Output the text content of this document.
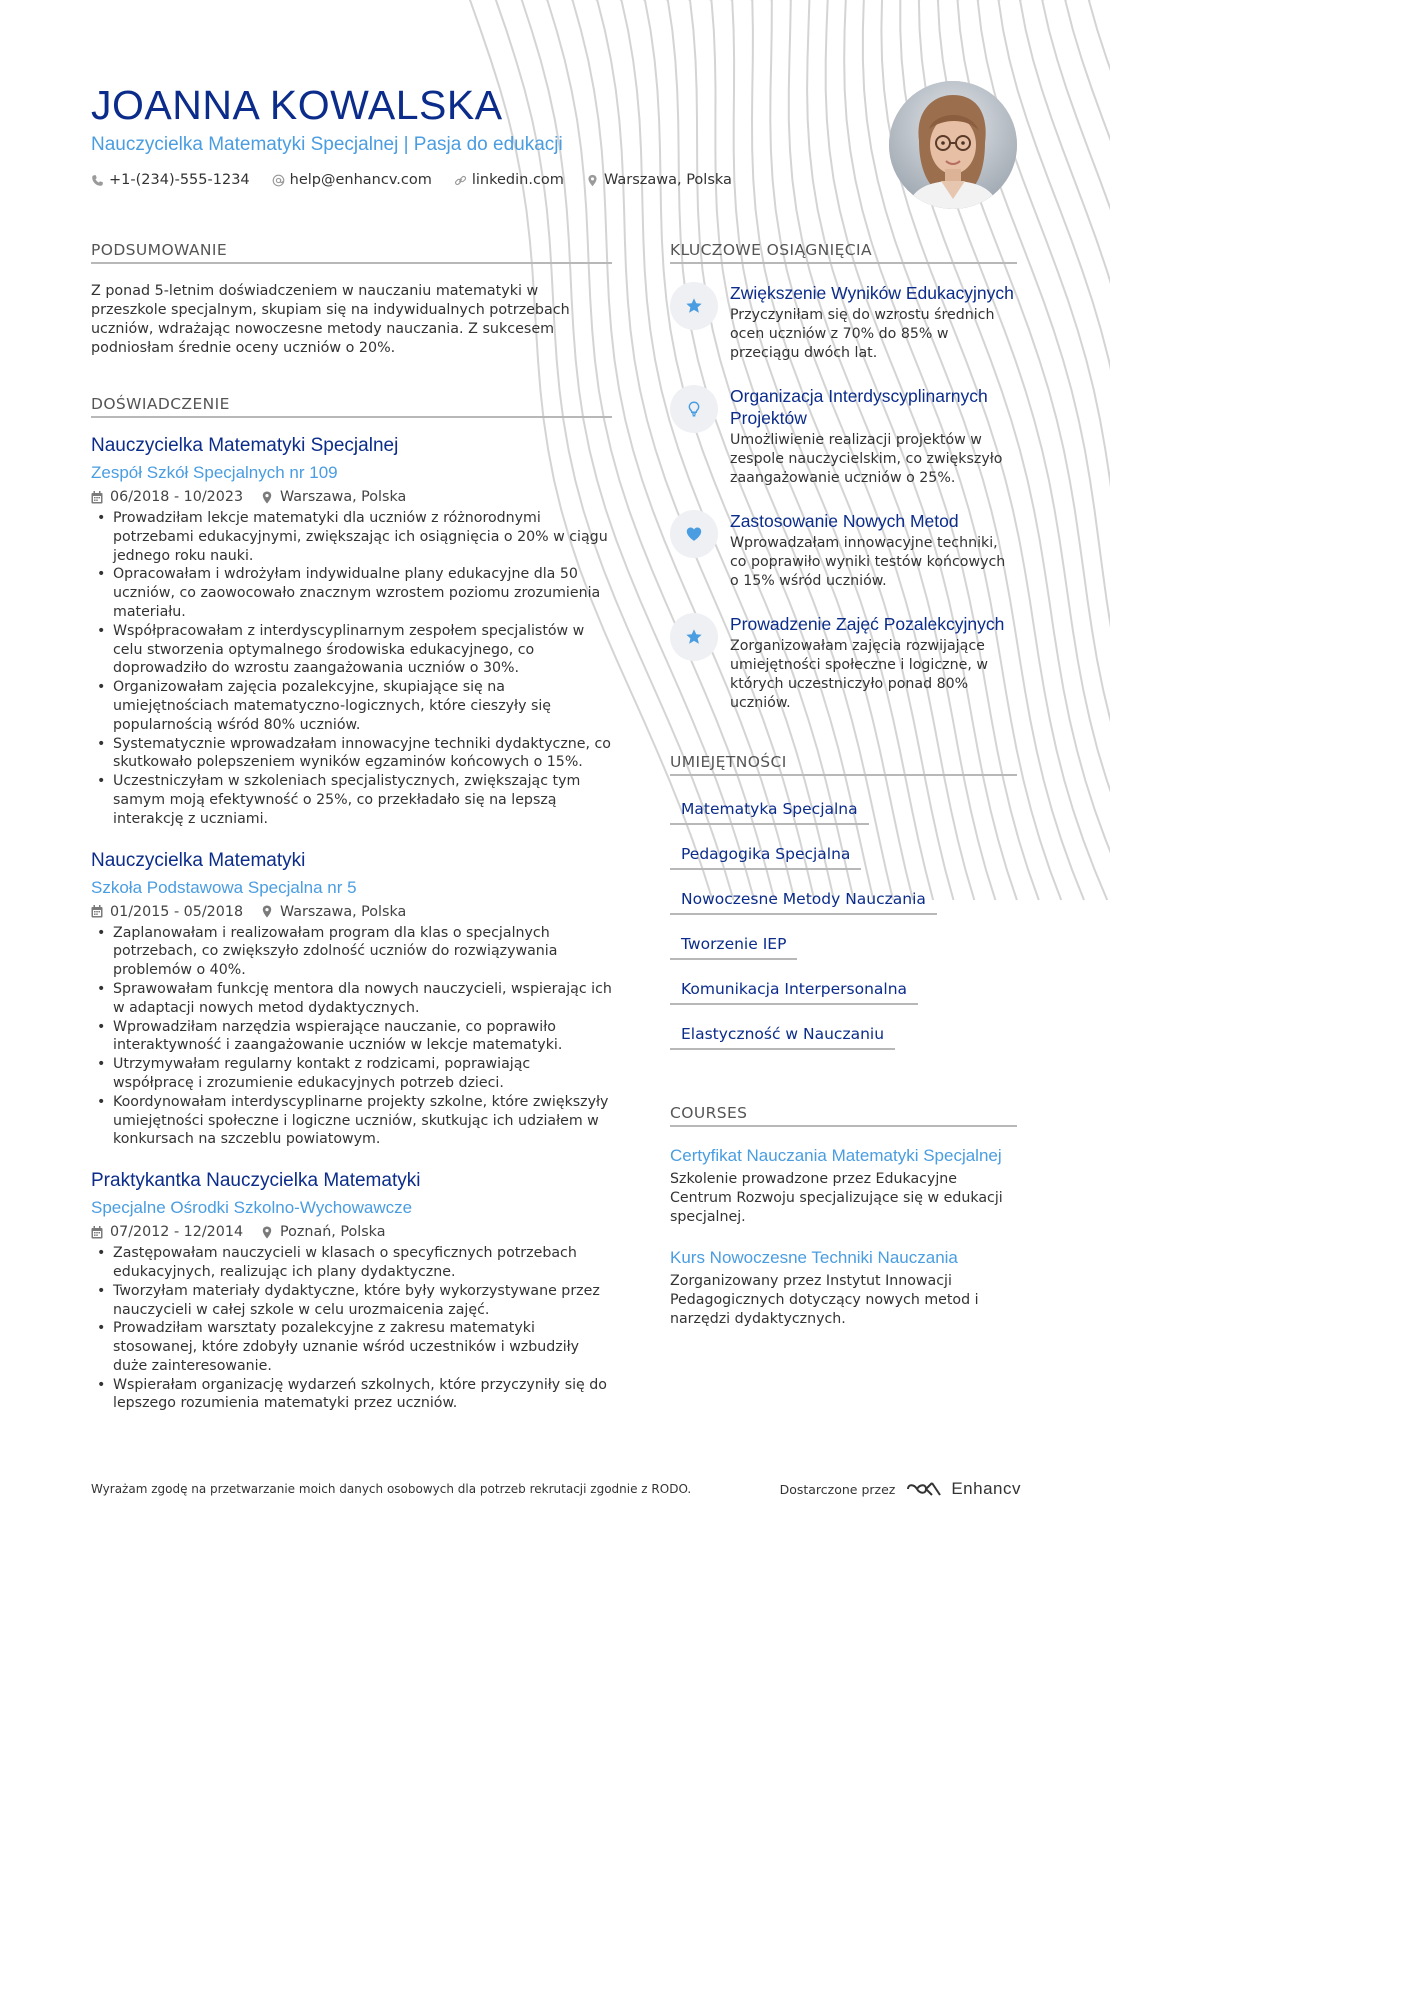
JOANNA KOWALSKA
Nauczycielka Matematyki Specjalnej | Pasja do edukacji
+1-(234)-555-1234	help@enhancv.com	linkedin.com	Warszawa, Polska
PODSUMOWANIE
Z ponad 5-letnim doświadczeniem w nauczaniu matematyki w przeszkole specjalnym, skupiam się na indywidualnych potrzebach uczniów, wdrażając nowoczesne metody nauczania. Z sukcesem podniosłam średnie oceny uczniów o 20%.
DOŚWIADCZENIE
Nauczycielka Matematyki Specjalnej
Zespół Szkół Specjalnych nr 109
06/2018 - 10/2023	Warszawa, Polska
• Prowadziłam lekcje matematyki dla uczniów z różnorodnymi potrzebami edukacyjnymi, zwiększając ich osiągnięcia o 20% w ciągu jednego roku nauki.
• Opracowałam i wdrożyłam indywidualne plany edukacyjne dla 50 uczniów, co zaowocowało znacznym wzrostem poziomu zrozumienia materiału.
• Współpracowałam z interdyscyplinarnym zespołem specjalistów w celu stworzenia optymalnego środowiska edukacyjnego, co doprowadziło do wzrostu zaangażowania uczniów o 30%.
• Organizowałam zajęcia pozalekcyjne, skupiające się na umiejętnościach matematyczno-logicznych, które cieszyły się popularnością wśród 80% uczniów.
• Systematycznie wprowadzałam innowacyjne techniki dydaktyczne, co skutkowało polepszeniem wyników egzaminów końcowych o 15%.
• Uczestniczyłam w szkoleniach specjalistycznych, zwiększając tym samym moją efektywność o 25%, co przekładało się na lepszą interakcję z uczniami.
Nauczycielka Matematyki
Szkoła Podstawowa Specjalna nr 5
01/2015 - 05/2018	Warszawa, Polska
• Zaplanowałam i realizowałam program dla klas o specjalnych potrzebach, co zwiększyło zdolność uczniów do rozwiązywania problemów o 40%.
• Sprawowałam funkcję mentora dla nowych nauczycieli, wspierając ich w adaptacji nowych metod dydaktycznych.
• Wprowadziłam narzędzia wspierające nauczanie, co poprawiło interaktywność i zaangażowanie uczniów w lekcje matematyki.
• Utrzymywałam regularny kontakt z rodzicami, poprawiając współpracę i zrozumienie edukacyjnych potrzeb dzieci.
• Koordynowałam interdyscyplinarne projekty szkolne, które zwiększyły umiejętności społeczne i logiczne uczniów, skutkując ich udziałem w konkursach na szczeblu powiatowym.
Praktykantka Nauczycielka Matematyki
Specjalne Ośrodki Szkolno-Wychowawcze
07/2012 - 12/2014	Poznań, Polska
• Zastępowałam nauczycieli w klasach o specyficznych potrzebach edukacyjnych, realizując ich plany dydaktyczne.
• Tworzyłam materiały dydaktyczne, które były wykorzystywane przez nauczycieli w całej szkole w celu urozmaicenia zajęć.
• Prowadziłam warsztaty pozalekcyjne z zakresu matematyki stosowanej, które zdobyły uznanie wśród uczestników i wzbudziły duże zainteresowanie.
• Wspierałam organizację wydarzeń szkolnych, które przyczyniły się do lepszego rozumienia matematyki przez uczniów.
KLUCZOWE OSIĄGNIĘCIA
Zwiększenie Wyników Edukacyjnych
Przyczyniłam się do wzrostu średnich ocen uczniów z 70% do 85% w przeciągu dwóch lat.
Organizacja Interdyscyplinarnych Projektów
Umożliwienie realizacji projektów w zespole nauczycielskim, co zwiększyło zaangażowanie uczniów o 25%.
Zastosowanie Nowych Metod
Wprowadzałam innowacyjne techniki, co poprawiło wyniki testów końcowych o 15% wśród uczniów.
Prowadzenie Zajęć Pozalekcyjnych
Zorganizowałam zajęcia rozwijające umiejętności społeczne i logiczne, w których uczestniczyło ponad 80% uczniów.
UMIEJĘTNOŚCI
Matematyka Specjalna
Pedagogika Specjalna
Nowoczesne Metody Nauczania
Tworzenie IEP
Komunikacja Interpersonalna
Elastyczność w Nauczaniu
COURSES
Certyfikat Nauczania Matematyki Specjalnej
Szkolenie prowadzone przez Edukacyjne Centrum Rozwoju specjalizujące się w edukacji specjalnej.
Kurs Nowoczesne Techniki Nauczania
Zorganizowany przez Instytut Innowacji Pedagogicznych dotyczący nowych metod i narzędzi dydaktycznych.
Wyrażam zgodę na przetwarzanie moich danych osobowych dla potrzeb rekrutacji zgodnie z RODO.	Dostarczone przez	Enhancv
